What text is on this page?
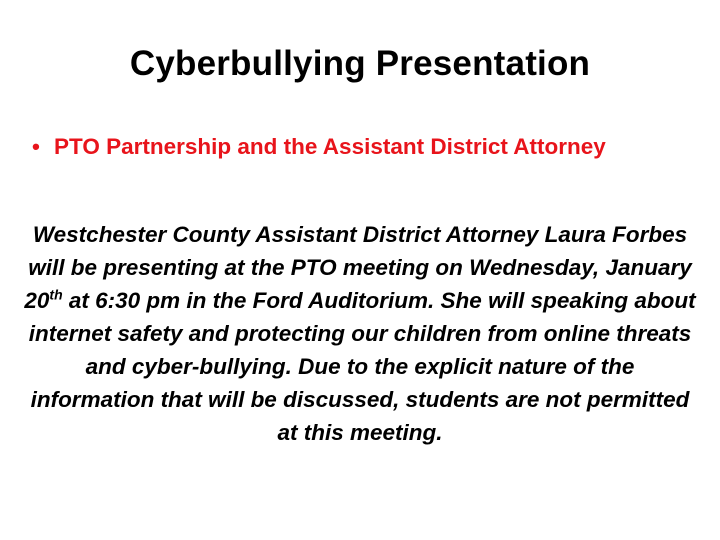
Cyberbullying Presentation
• PTO Partnership and the Assistant District Attorney

Westchester County Assistant District Attorney Laura Forbes will be presenting at the PTO meeting on Wednesday, January 20th at 6:30 pm in the Ford Auditorium. She will speaking about internet safety and protecting our children from online threats and cyber-bullying. Due to the explicit nature of the information that will be discussed, students are not permitted at this meeting.
